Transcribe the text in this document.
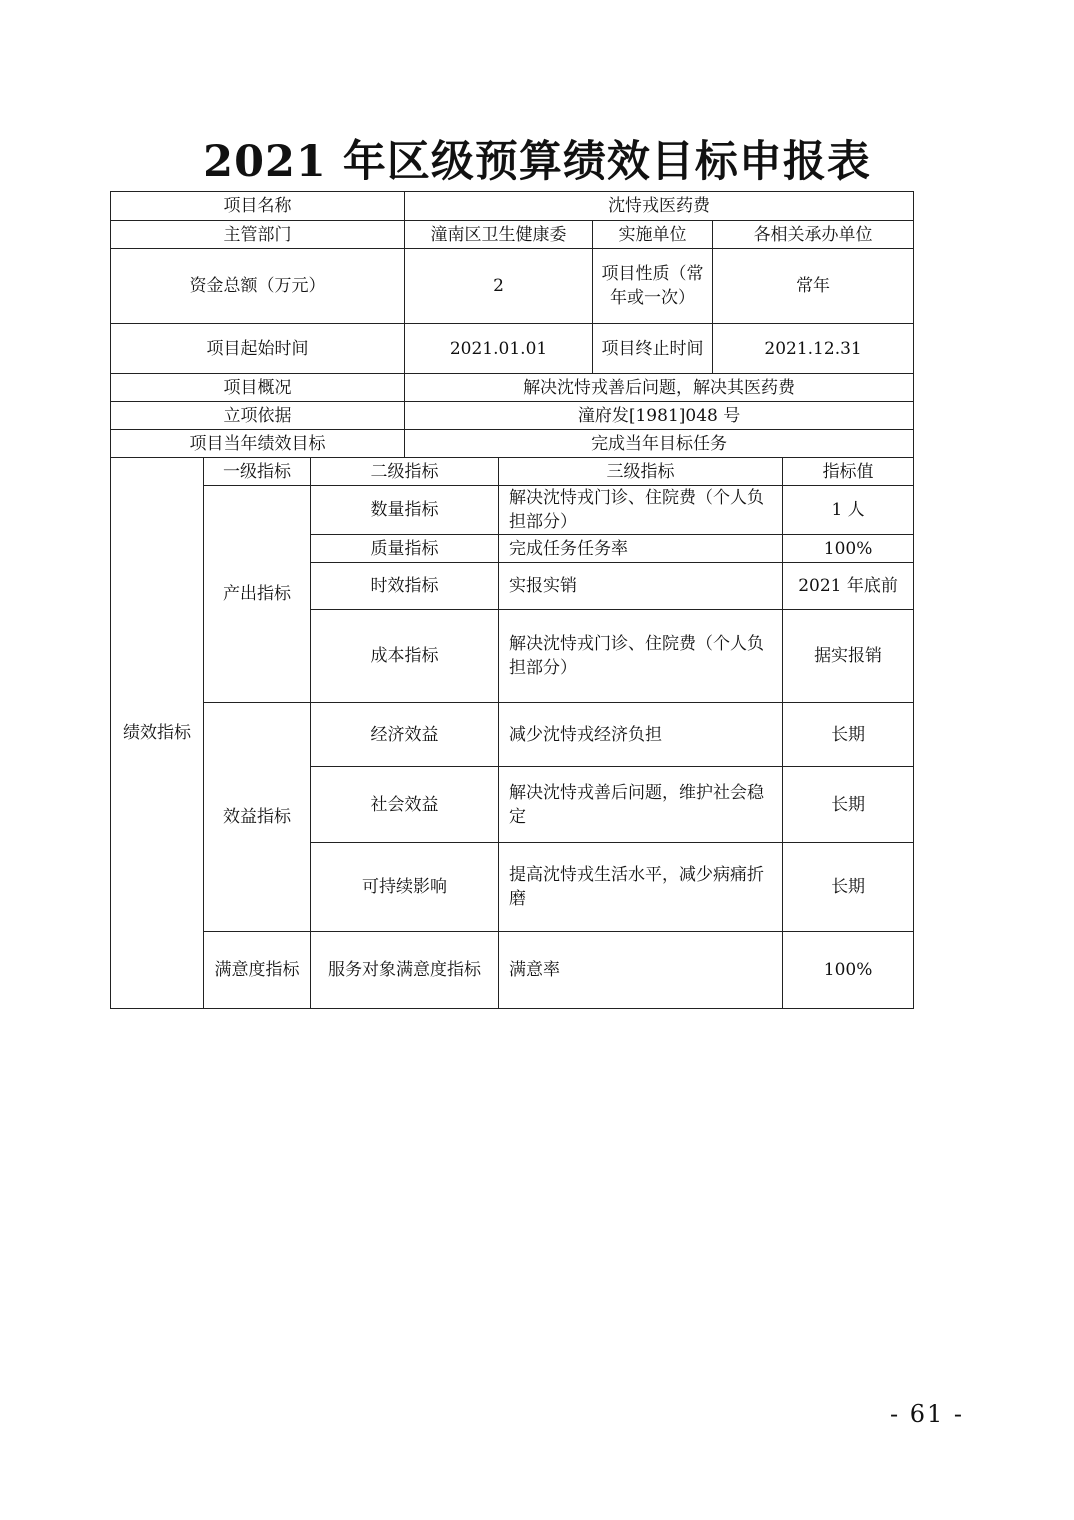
2021 年区级预算绩效目标申报表
项目名称			沈恃戎医药费				
主管部门			潼南区卫生健康委		实施单位	各相关承办单位	
资金总额（万元）			2		项目性质（常年或一次）	常年	
项目起始时间			2021.01.01		项目终止时间	2021.12.31	
项目概况			解决沈恃戎善后问题，解决其医药费				
立项依据			潼府发[1981]048 号				
项目当年绩效目标			完成当年目标任务				
绩效指标	一级指标	二级指标		三级指标			指标值
	产出指标	数量指标		解决沈恃戎门诊、住院费（个人负担部分）			1 人
		质量指标		完成任务任务率			100%
		时效指标		实报实销			2021 年底前
		成本指标		解决沈恃戎门诊、住院费（个人负担部分）			据实报销
	效益指标	经济效益		减少沈恃戎经济负担			长期
		社会效益		解决沈恃戎善后问题，维护社会稳定			长期
		可持续影响		提高沈恃戎生活水平，减少病痛折磨			长期
	满意度指标	服务对象满意度指标		满意率			100%
- 61 -
